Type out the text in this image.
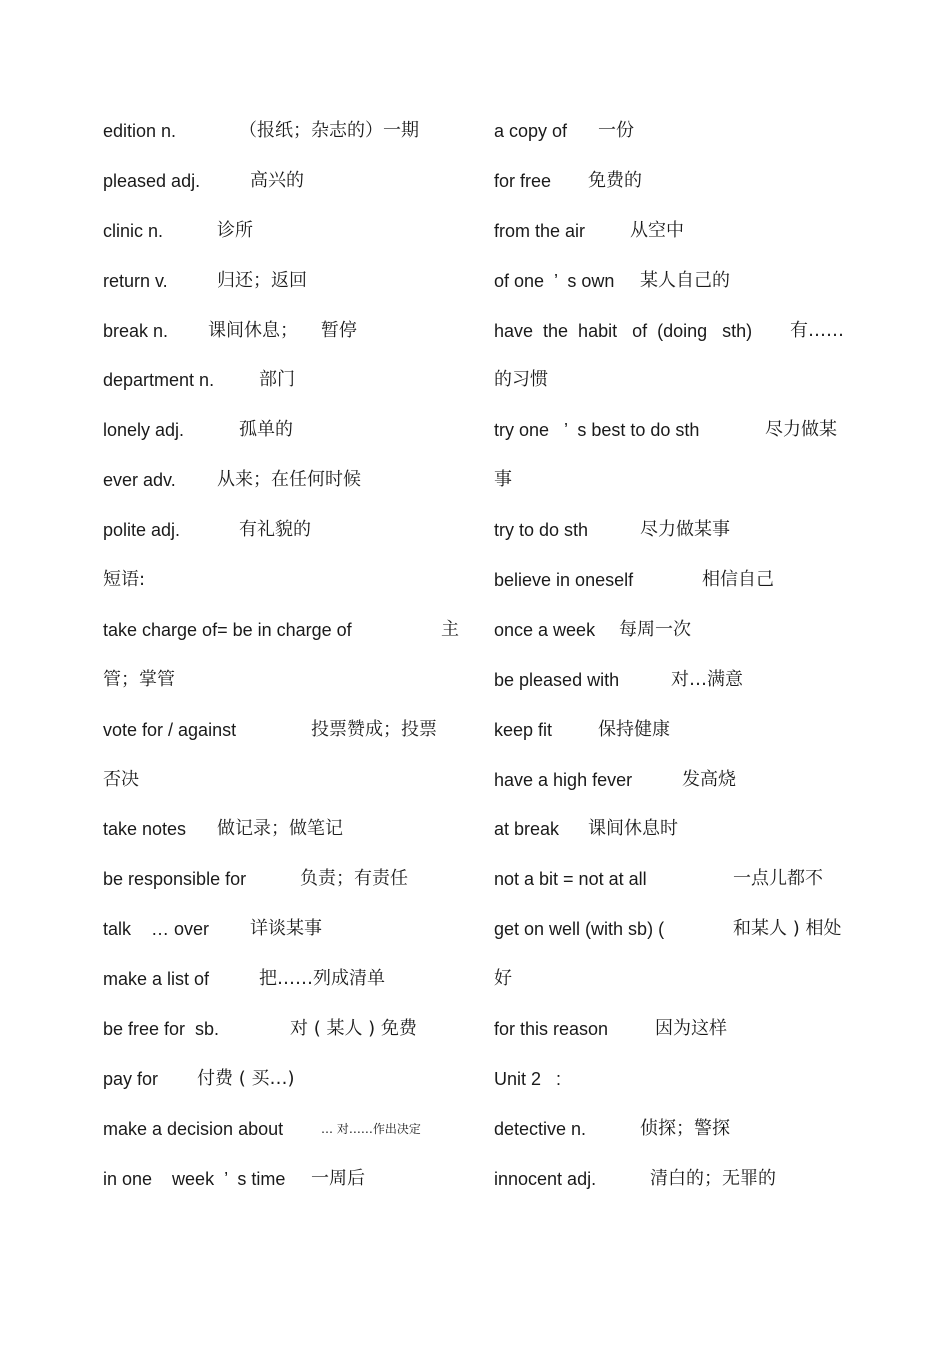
edition n.	（报纸；杂志的）一期
pleased adj.	高兴的
clinic n.	诊所
return v.	归还；返回
break n. 课间休息；    暂停
department n. 部门
lonely adj.	孤单的
ever adv. 从来；在任何时候
polite adj.	有礼貌的
短语:
take charge of= be in charge of	主
管；掌管
vote for / against	投票赞成；投票
否决
take notes 做记录；做笔记
be responsible for	负责；有责任
talk    … over 详谈某事
make a list of	把……列成清单
be free for  sb.	对 ( 某人 ) 免费
pay for 付费 ( 买…)
make a decision about	… 对……作出决定
in one    week  ’  s time 一周后
a copy of 一份
for free 免费的
from the air 从空中
of one  ’  s own 某人自己的
have  the  habit   of  (doing   sth) 有……
的习惯
try one   ’  s best to do sth	尽力做某
事
try to do sth	尽力做某事
believe in oneself	相信自己
once a week 每周一次
be pleased with	对…满意
keep fit	保持健康
have a high fever	发高烧
at break 课间休息时
not a bit = not at all	一点儿都不
get on well (with sb) (	和某人 ) 相处
好
for this reason	因为这样
Unit 2   :
detective n.	侦探；警探
innocent adj.	清白的；无罪的
